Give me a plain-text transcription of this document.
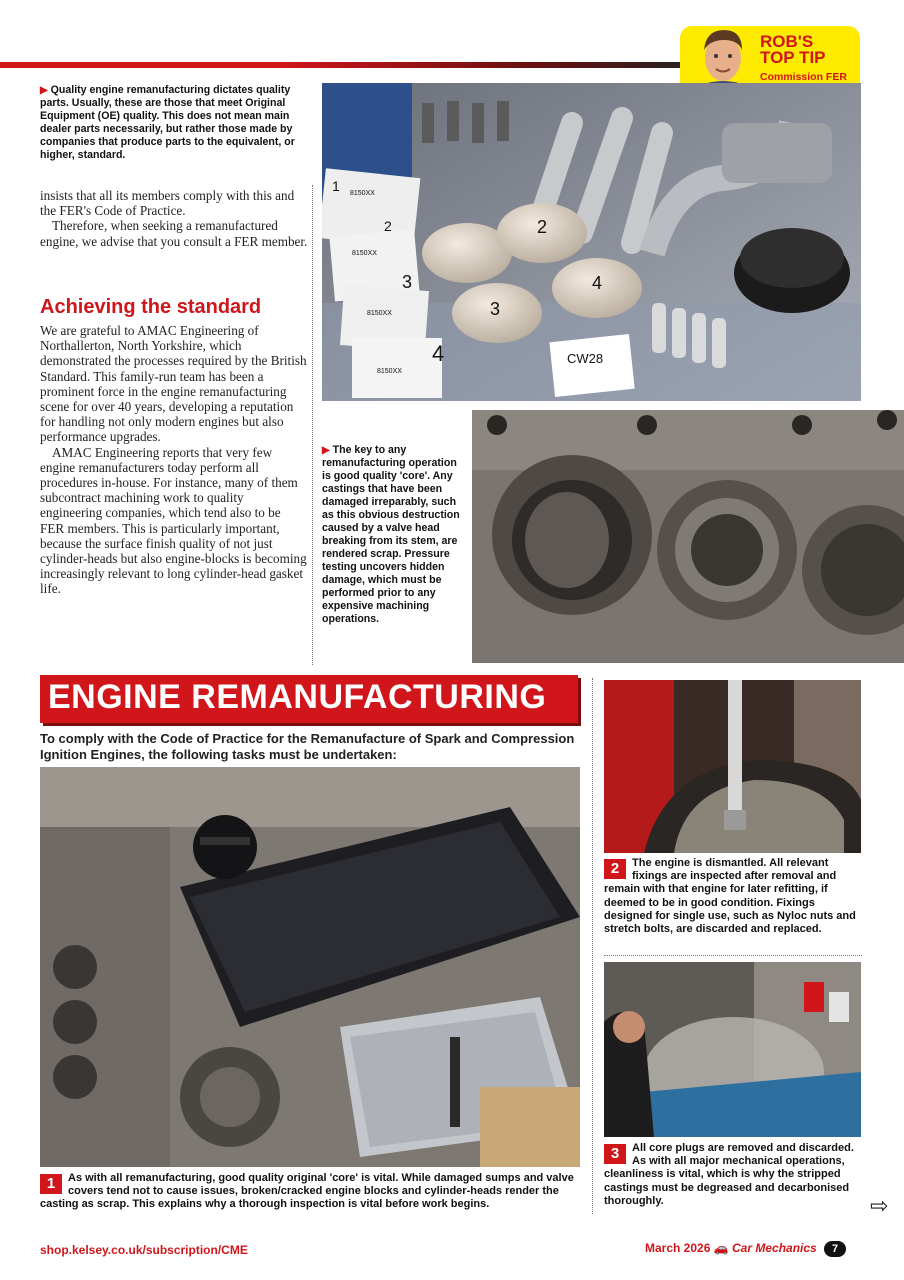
ROB'S
TOP TIP
Commission FER
▶ Quality engine remanufacturing dictates quality parts. Usually, these are those that meet Original Equipment (OE) quality. This does not mean main dealer parts necessarily, but rather those made by companies that produce parts to the equivalent, or higher, standard.

insists that all its members comply with this and the FER's Code of Practice.

Therefore, when seeking a remanufactured engine, we advise that you consult a FER member.

Achieving the standard

We are grateful to AMAC Engineering of Northallerton, North Yorkshire, which demonstrated the processes required by the British Standard. This family-run team has been a prominent force in the engine remanufacturing scene for over 40 years, developing a reputation for handling not only modern engines but also performance upgrades.

AMAC Engineering reports that very few engine remanufacturers today perform all procedures in-house. For instance, many of them subcontract machining work to quality engineering companies, which tend also to be FER members. This is particularly important, because the surface finish quality of not just cylinder-heads but also engine-blocks is becoming increasingly relevant to long cylinder-head gasket life.

1
2
3
4
2
3
4
CW28
8150XX
8150XX
8150XX
8150XX
▶ The key to any remanufacturing operation is good quality 'core'. Any castings that have been damaged irreparably, such as this obvious destruction caused by a valve head breaking from its stem, are rendered scrap. Pressure testing uncovers hidden damage, which must be performed prior to any expensive machining operations.
ENGINE REMANUFACTURING
To comply with the Code of Practice for the Remanufacture of Spark and Compression Ignition Engines, the following tasks must be undertaken:
1	As with all remanufacturing, good quality original 'core' is vital. While damaged sumps and valve covers tend not to cause issues, broken/cracked engine blocks and cylinder-heads render the casting as scrap. This explains why a thorough inspection is vital before work begins.
2	The engine is dismantled. All relevant fixings are inspected after removal and remain with that engine for later refitting, if deemed to be in good condition. Fixings designed for single use, such as Nyloc nuts and stretch bolts, are discarded and replaced.
3	All core plugs are removed and discarded. As with all major mechanical operations, cleanliness is vital, which is why the stripped castings must be degreased and decarbonised thoroughly.	⇨
shop.kelsey.co.uk/subscription/CME	March 2026 🚗 Car Mechanics 7
